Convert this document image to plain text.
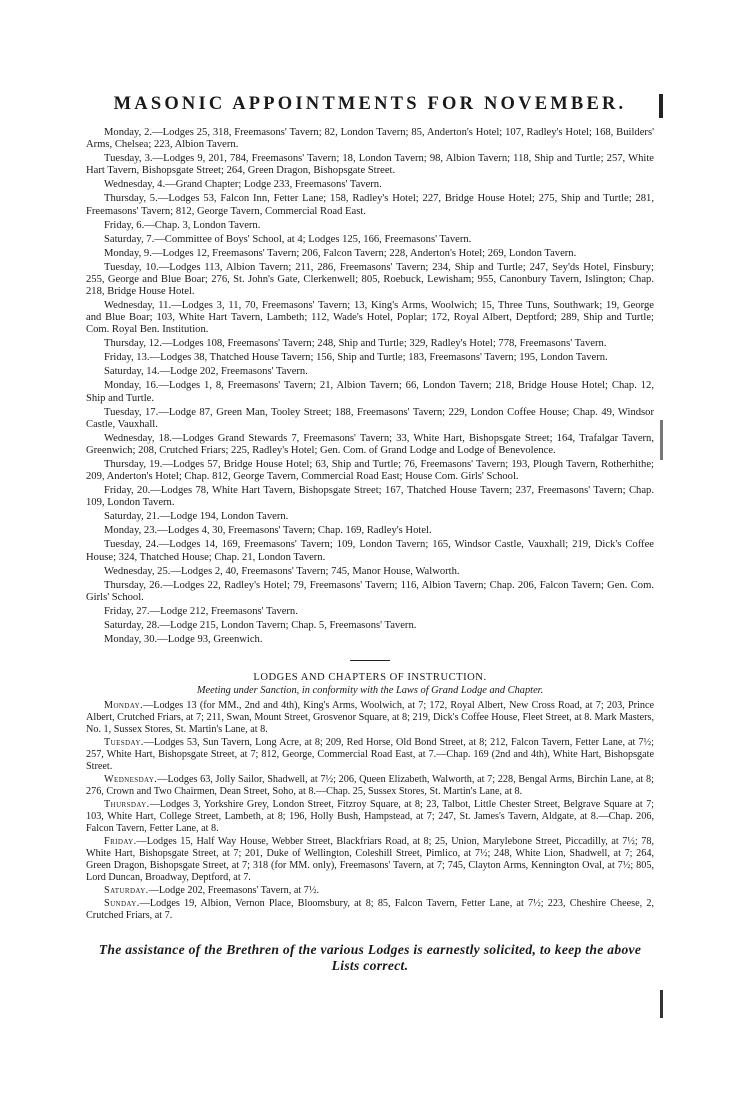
MASONIC APPOINTMENTS FOR NOVEMBER.

Monday, 2.—Lodges 25, 318, Freemasons' Tavern; 82, London Tavern; 85, Anderton's Hotel; 107, Radley's Hotel; 168, Builders' Arms, Chelsea; 223, Albion Tavern.

Tuesday, 3.—Lodges 9, 201, 784, Freemasons' Tavern; 18, London Tavern; 98, Albion Tavern; 118, Ship and Turtle; 257, White Hart Tavern, Bishopsgate Street; 264, Green Dragon, Bishopsgate Street.

Wednesday, 4.—Grand Chapter; Lodge 233, Freemasons' Tavern.

Thursday, 5.—Lodges 53, Falcon Inn, Fetter Lane; 158, Radley's Hotel; 227, Bridge House Hotel; 275, Ship and Turtle; 281, Freemasons' Tavern; 812, George Tavern, Commercial Road East.

Friday, 6.—Chap. 3, London Tavern.

Saturday, 7.—Committee of Boys' School, at 4; Lodges 125, 166, Freemasons' Tavern.

Monday, 9.—Lodges 12, Freemasons' Tavern; 206, Falcon Tavern; 228, Anderton's Hotel; 269, London Tavern.

Tuesday, 10.—Lodges 113, Albion Tavern; 211, 286, Freemasons' Tavern; 234, Ship and Turtle; 247, Sey'ds Hotel, Finsbury; 255, George and Blue Boar; 276, St. John's Gate, Clerkenwell; 805, Roebuck, Lewisham; 955, Canonbury Tavern, Islington; Chap. 218, Bridge House Hotel.

Wednesday, 11.—Lodges 3, 11, 70, Freemasons' Tavern; 13, King's Arms, Woolwich; 15, Three Tuns, Southwark; 19, George and Blue Boar; 103, White Hart Tavern, Lambeth; 112, Wade's Hotel, Poplar; 172, Royal Albert, Deptford; 289, Ship and Turtle; Com. Royal Ben. Institution.

Thursday, 12.—Lodges 108, Freemasons' Tavern; 248, Ship and Turtle; 329, Radley's Hotel; 778, Freemasons' Tavern.

Friday, 13.—Lodges 38, Thatched House Tavern; 156, Ship and Turtle; 183, Freemasons' Tavern; 195, London Tavern.

Saturday, 14.—Lodge 202, Freemasons' Tavern.

Monday, 16.—Lodges 1, 8, Freemasons' Tavern; 21, Albion Tavern; 66, London Tavern; 218, Bridge House Hotel; Chap. 12, Ship and Turtle.

Tuesday, 17.—Lodge 87, Green Man, Tooley Street; 188, Freemasons' Tavern; 229, London Coffee House; Chap. 49, Windsor Castle, Vauxhall.

Wednesday, 18.—Lodges Grand Stewards 7, Freemasons' Tavern; 33, White Hart, Bishopsgate Street; 164, Trafalgar Tavern, Greenwich; 208, Crutched Friars; 225, Radley's Hotel; Gen. Com. of Grand Lodge and Lodge of Benevolence.

Thursday, 19.—Lodges 57, Bridge House Hotel; 63, Ship and Turtle; 76, Freemasons' Tavern; 193, Plough Tavern, Rotherhithe; 209, Anderton's Hotel; Chap. 812, George Tavern, Commercial Road East; House Com. Girls' School.

Friday, 20.—Lodges 78, White Hart Tavern, Bishopsgate Street; 167, Thatched House Tavern; 237, Freemasons' Tavern; Chap. 109, London Tavern.

Saturday, 21.—Lodge 194, London Tavern.

Monday, 23.—Lodges 4, 30, Freemasons' Tavern; Chap. 169, Radley's Hotel.

Tuesday, 24.—Lodges 14, 169, Freemasons' Tavern; 109, London Tavern; 165, Windsor Castle, Vauxhall; 219, Dick's Coffee House; 324, Thatched House; Chap. 21, London Tavern.

Wednesday, 25.—Lodges 2, 40, Freemasons' Tavern; 745, Manor House, Walworth.

Thursday, 26.—Lodges 22, Radley's Hotel; 79, Freemasons' Tavern; 116, Albion Tavern; Chap. 206, Falcon Tavern; Gen. Com. Girls' School.

Friday, 27.—Lodge 212, Freemasons' Tavern.

Saturday, 28.—Lodge 215, London Tavern; Chap. 5, Freemasons' Tavern.

Monday, 30.—Lodge 93, Greenwich.

LODGES AND CHAPTERS OF INSTRUCTION.
Meeting under Sanction, in conformity with the Laws of Grand Lodge and Chapter.

Monday.—Lodges 13 (for MM., 2nd and 4th), King's Arms, Woolwich, at 7; 172, Royal Albert, New Cross Road, at 7; 203, Prince Albert, Crutched Friars, at 7; 211, Swan, Mount Street, Grosvenor Square, at 8; 219, Dick's Coffee House, Fleet Street, at 8. Mark Masters, No. 1, Sussex Stores, St. Martin's Lane, at 8.

Tuesday.—Lodges 53, Sun Tavern, Long Acre, at 8; 209, Red Horse, Old Bond Street, at 8; 212, Falcon Tavern, Fetter Lane, at 7½; 257, White Hart, Bishopsgate Street, at 7; 812, George, Commercial Road East, at 7.—Chap. 169 (2nd and 4th), White Hart, Bishopsgate Street.

Wednesday.—Lodges 63, Jolly Sailor, Shadwell, at 7½; 206, Queen Elizabeth, Walworth, at 7; 228, Bengal Arms, Birchin Lane, at 8; 276, Crown and Two Chairmen, Dean Street, Soho, at 8.—Chap. 25, Sussex Stores, St. Martin's Lane, at 8.

Thursday.—Lodges 3, Yorkshire Grey, London Street, Fitzroy Square, at 8; 23, Talbot, Little Chester Street, Belgrave Square at 7; 103, White Hart, College Street, Lambeth, at 8; 196, Holly Bush, Hampstead, at 7; 247, St. James's Tavern, Aldgate, at 8.—Chap. 206, Falcon Tavern, Fetter Lane, at 8.

Friday.—Lodges 15, Half Way House, Webber Street, Blackfriars Road, at 8; 25, Union, Marylebone Street, Piccadilly, at 7½; 78, White Hart, Bishopsgate Street, at 7; 201, Duke of Wellington, Coleshill Street, Pimlico, at 7½; 248, White Lion, Shadwell, at 7; 264, Green Dragon, Bishopsgate Street, at 7; 318 (for MM. only), Freemasons' Tavern, at 7; 745, Clayton Arms, Kennington Oval, at 7½; 805, Lord Duncan, Broadway, Deptford, at 7.

Saturday.—Lodge 202, Freemasons' Tavern, at 7½.

Sunday.—Lodges 19, Albion, Vernon Place, Bloomsbury, at 8; 85, Falcon Tavern, Fetter Lane, at 7½; 223, Cheshire Cheese, 2, Crutched Friars, at 7.

The assistance of the Brethren of the various Lodges is earnestly solicited, to keep the above Lists correct.
